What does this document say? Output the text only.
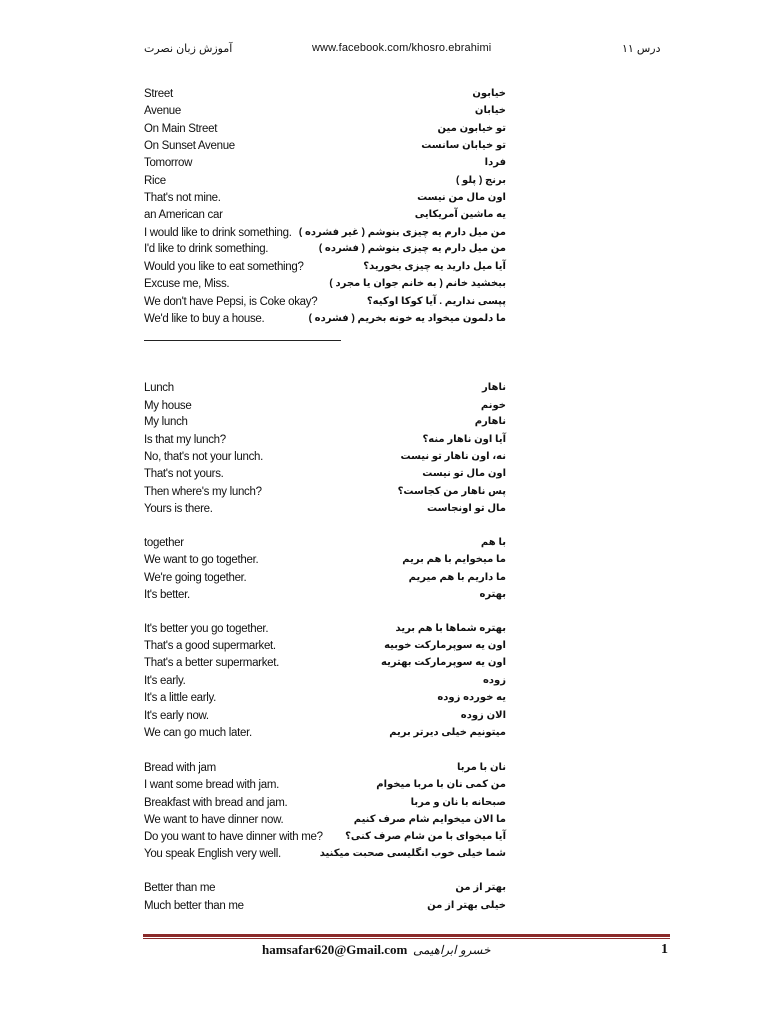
آموزش زبان نصرت	www.facebook.com/khosro.ebrahimi	درس ۱۱
Street	خیابون
Avenue	خیابان
On Main Street	تو خیابون مین
On Sunset Avenue	تو خیابان سانست
Tomorrow	فردا
Rice	برنج ( پلو )
That's not mine.	اون مال من نیست
an American car	یه ماشین آمریکایی
I would like to drink something. من میل دارم یه چیزی بنوشم ( غیر فشرده )
I'd like to drink something.	من میل دارم یه چیزی بنوشم ( فشرده )
Would you like to eat something?	آیا میل دارید یه چیزی بخورید؟
Excuse me, Miss.	ببخشید خانم ( به خانم جوان یا مجرد )
We don't have Pepsi, is Coke okay?	پپسی نداریم . آیا کوکا اوکیه؟
We'd like to buy a house.	ما دلمون میخواد یه خونه بخریم ( فشرده )
Lunch	ناهار
My house	خونم
My lunch	ناهارم
Is that my lunch?	آیا اون ناهار منه؟
No, that's not your lunch.	نه، اون ناهار تو نیست
That's not yours.	اون مال تو نیست
Then where's my lunch?	پس ناهار من کجاست؟
Yours is there.	مال تو اونجاست
together	با هم
We want to go together.	ما میخوایم با هم بریم
We're going together.	ما داریم با هم میریم
It's better.	بهتره
It's better you go together.	بهتره شماها با هم برید
That's a good supermarket.	اون یه سوپرمارکت خوبیه
That's a better supermarket.	اون یه سوپرمارکت بهتریه
It's early.	زوده
It's a little early.	یه خورده زوده
It's early now.	الان زوده
We can go much later.	میتونیم خیلی دیرتر بریم
Bread with jam	نان با مربا
I want some bread with jam.	من کمی نان با مربا میخوام
Breakfast with bread and jam.	صبحانه با نان و مربا
We want to have dinner now.	ما الان میخوایم شام صرف کنیم
Do you want to have dinner with me? آیا میخوای با من شام صرف کنی؟
You speak English very well.	شما خیلی خوب انگلیسی صحبت میکنید
Better than me	بهتر از من
Much better than me	خیلی بهتر از من
hamsafar620@Gmail.com خسرو ابراهیمی	1
